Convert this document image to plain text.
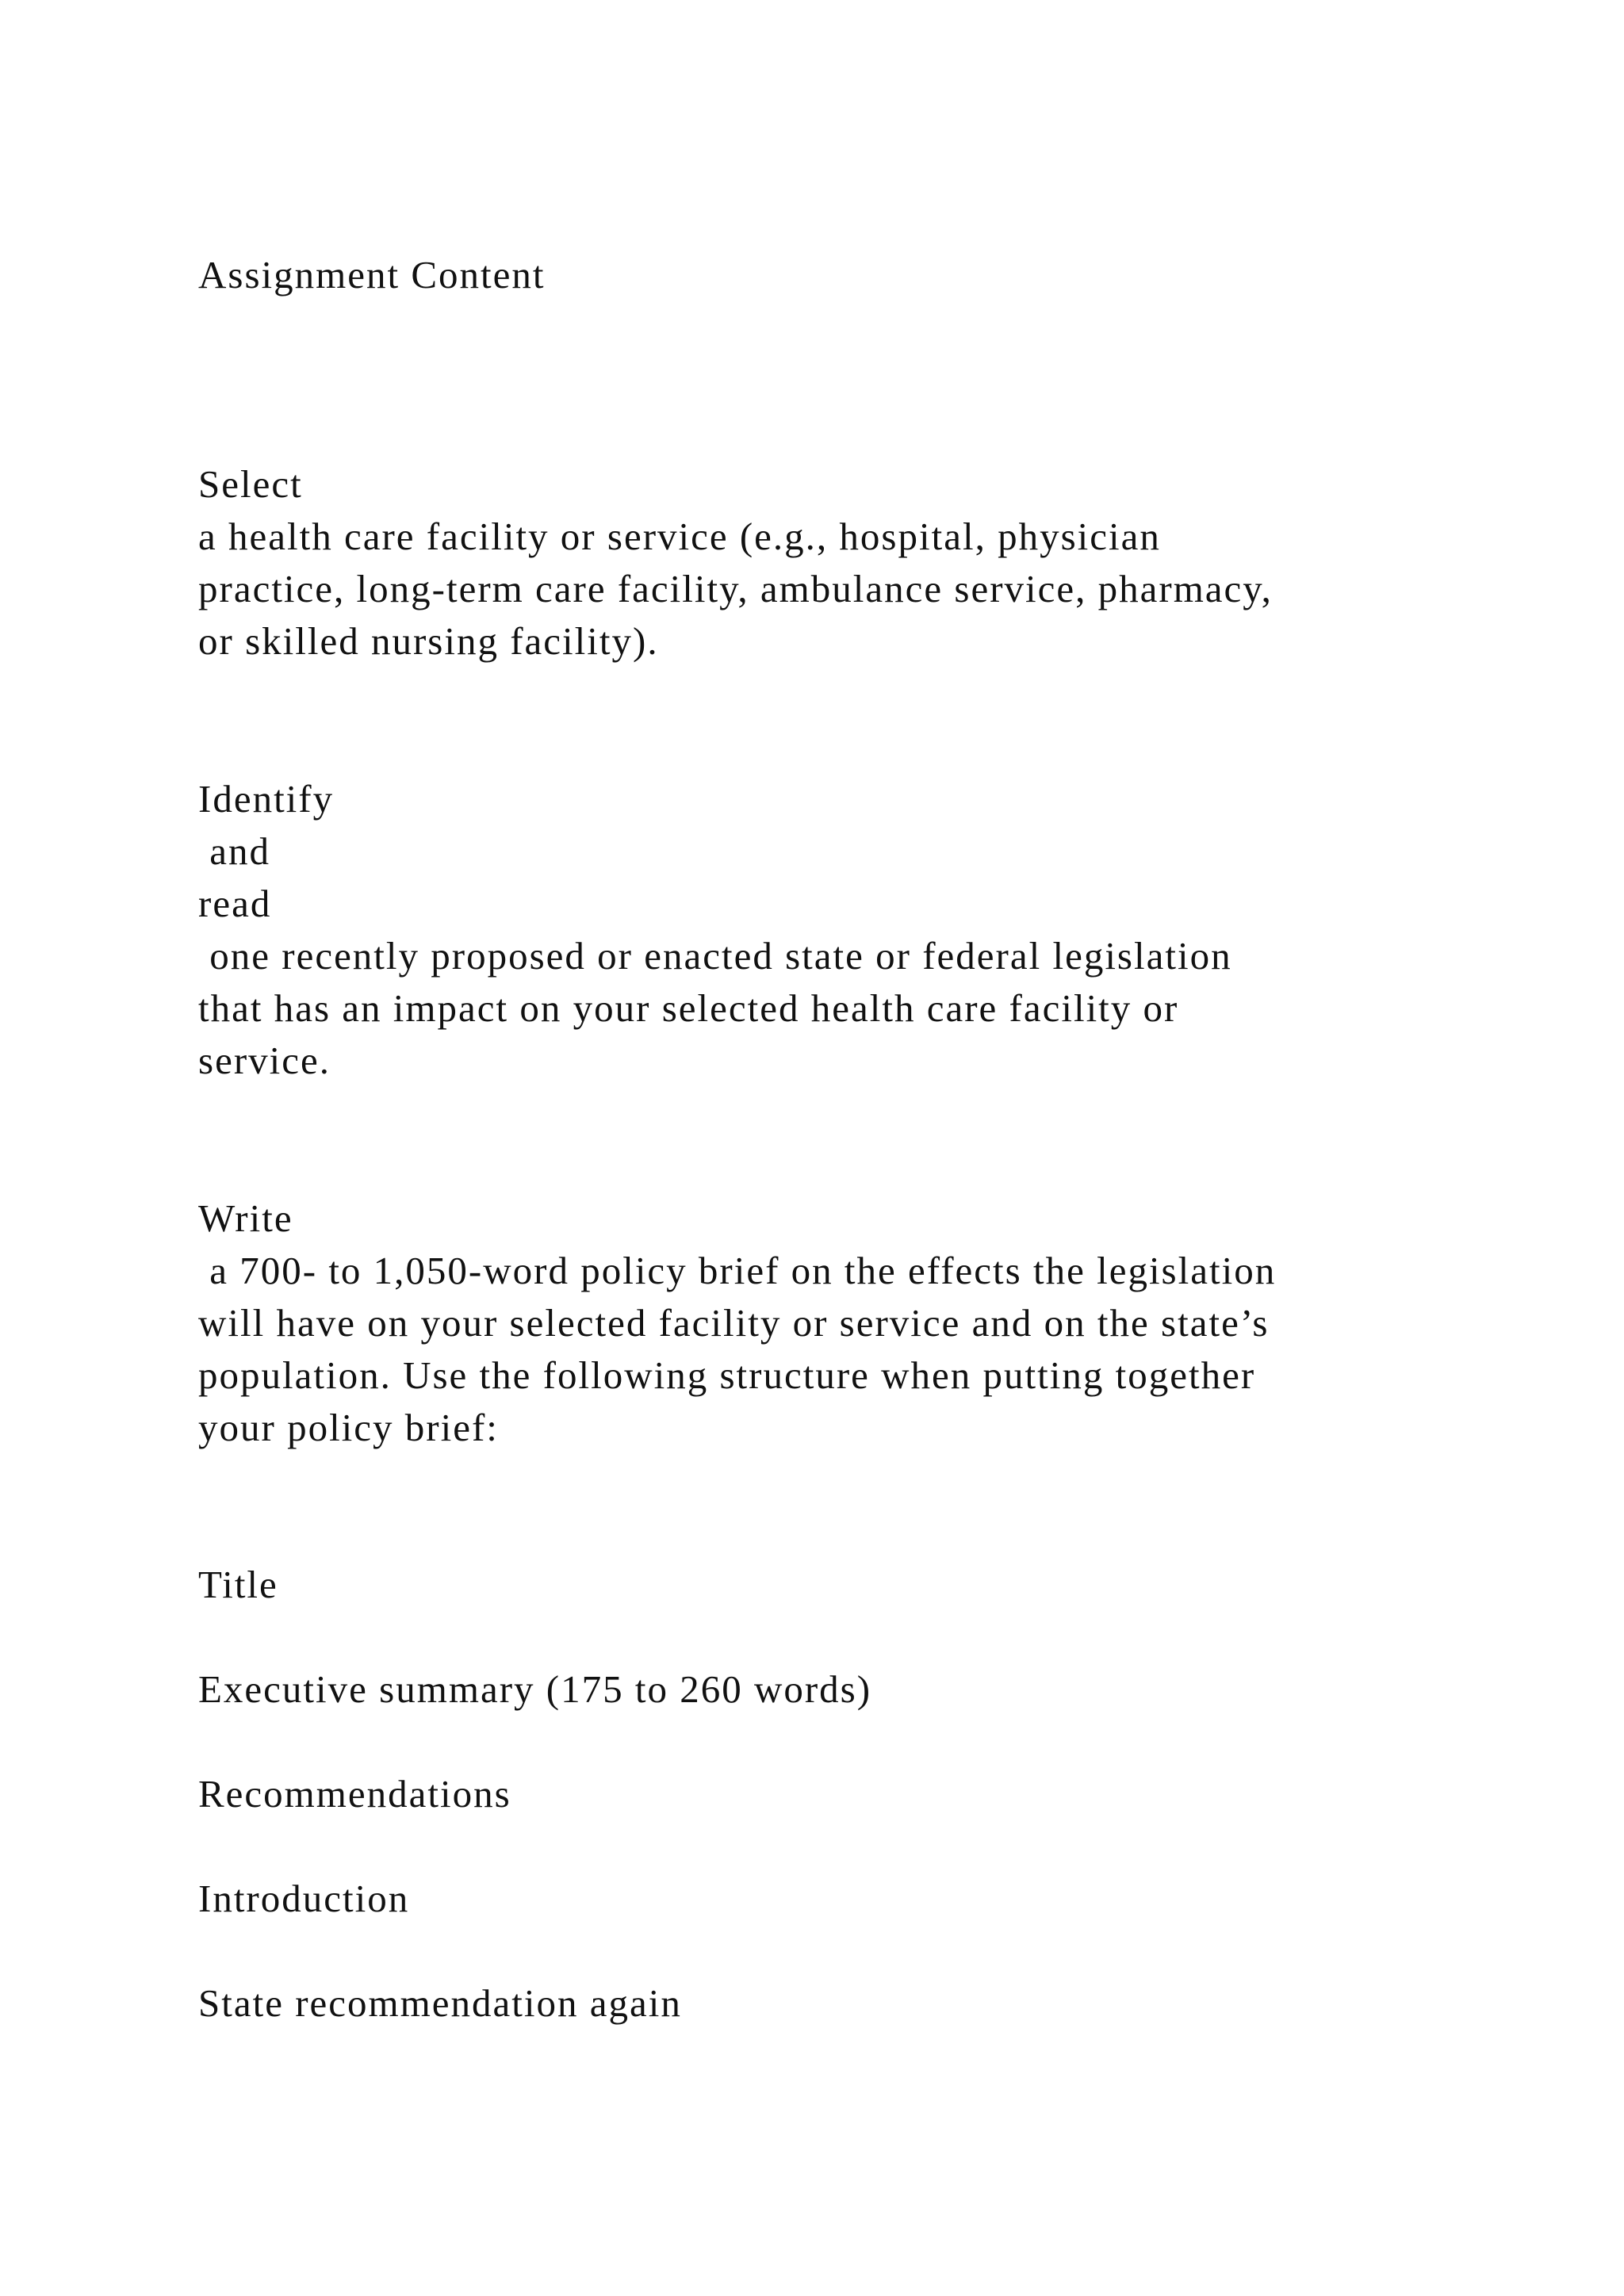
Assignment Content

Select

a health care facility or service (e.g., hospital, physician

practice, long-term care facility, ambulance service, pharmacy,

or skilled nursing facility).

Identify

and

read

one recently proposed or enacted state or federal legislation

that has an impact on your selected health care facility or

service.

Write

a 700- to 1,050-word policy brief on the effects the legislation

will have on your selected facility or service and on the state’s

population. Use the following structure when putting together

your policy brief:

Title

Executive summary (175 to 260 words)

Recommendations

Introduction

State recommendation again
